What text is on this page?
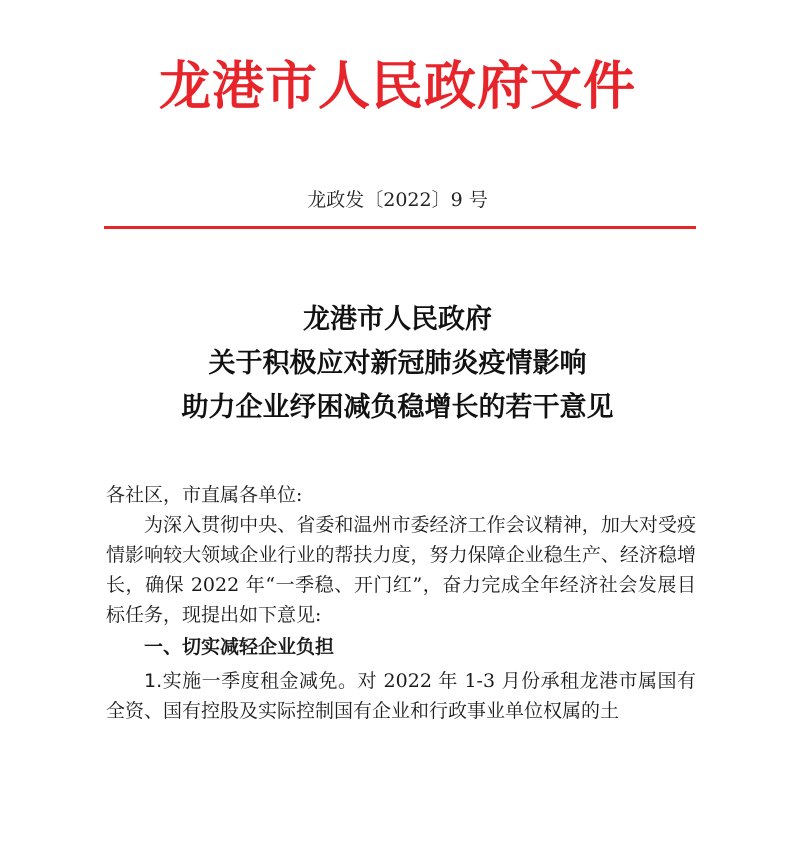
龙港市人民政府文件
龙政发〔2022〕9 号
龙港市人民政府
关于积极应对新冠肺炎疫情影响
助力企业纾困减负稳增长的若干意见

各社区，市直属各单位:

为深入贯彻中央、省委和温州市委经济工作会议精神，加大对受疫情影响较大领域企业行业的帮扶力度，努力保障企业稳生产、经济稳增长，确保 2022 年“一季稳、开门红”，奋力完成全年经济社会发展目标任务，现提出如下意见:

一、切实减轻企业负担

1.实施一季度租金减免。对 2022 年 1-3 月份承租龙港市属国有全资、国有控股及实际控制国有企业和行政事业单位权属的土
